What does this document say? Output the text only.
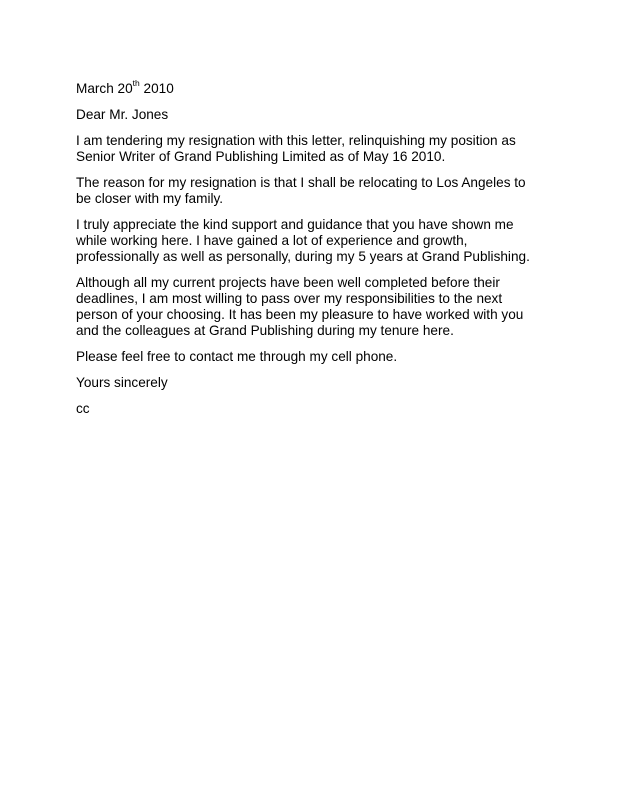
March 20th 2010

Dear Mr. Jones

I am tendering my resignation with this letter, relinquishing my position as
Senior Writer of Grand Publishing Limited as of May 16 2010.

The reason for my resignation is that I shall be relocating to Los Angeles to
be closer with my family.

I truly appreciate the kind support and guidance that you have shown me
while working here. I have gained a lot of experience and growth,
professionally as well as personally, during my 5 years at Grand Publishing.

Although all my current projects have been well completed before their
deadlines, I am most willing to pass over my responsibilities to the next
person of your choosing. It has been my pleasure to have worked with you
and the colleagues at Grand Publishing during my tenure here.

Please feel free to contact me through my cell phone.

Yours sincerely

cc
